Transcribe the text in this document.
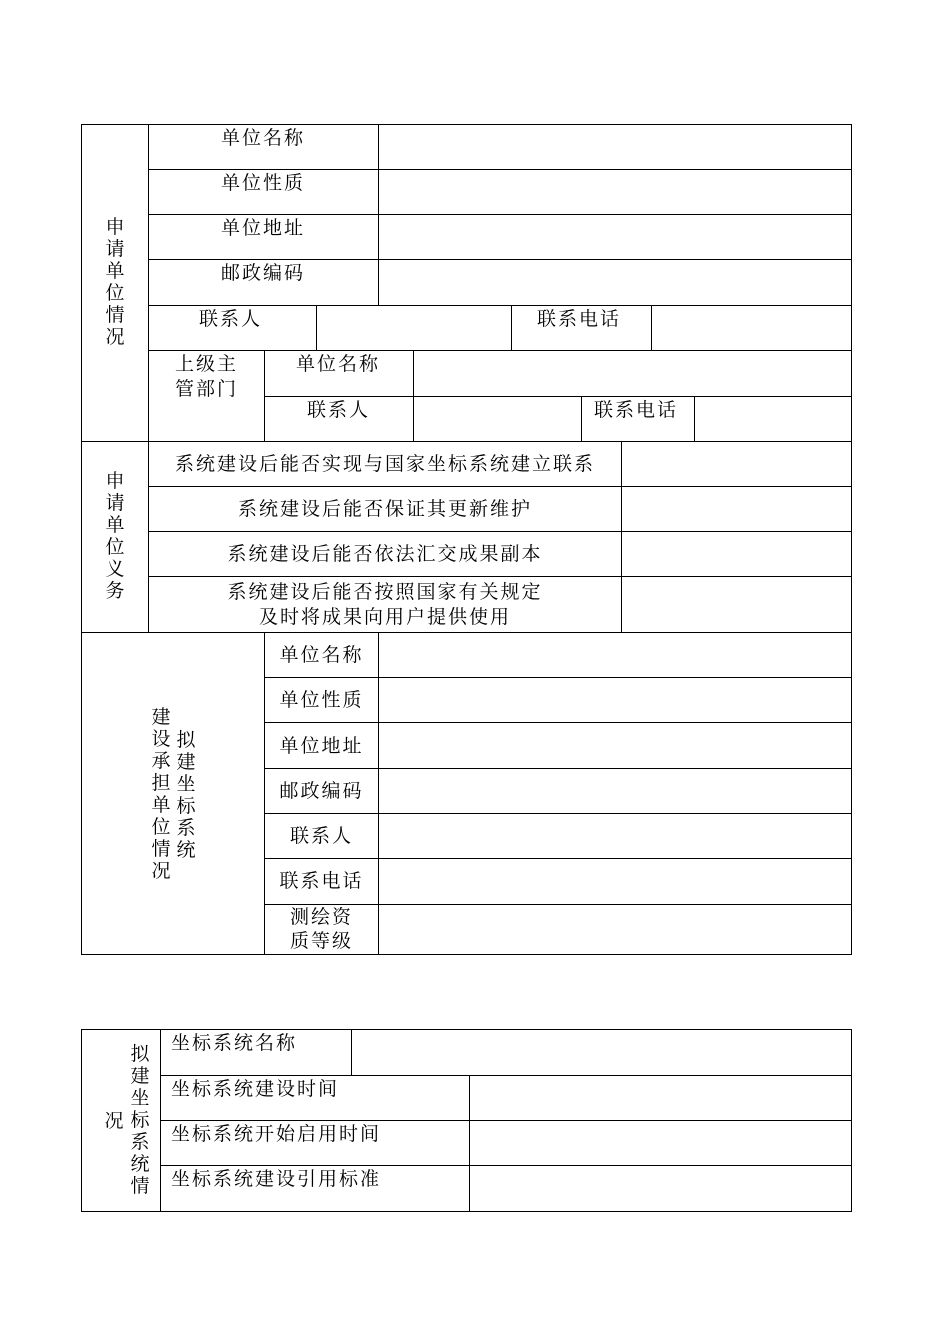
申请单位情况
单位名称
单位性质
单位地址
邮政编码
联系人	联系电话
上级主
管部门
单位名称
联系人	联系电话
申请单位义务
系统建设后能否实现与国家坐标系统建立联系
系统建设后能否保证其更新维护
系统建设后能否依法汇交成果副本
系统建设后能否按照国家有关规定
及时将成果向用户提供使用
建设承担单位情况
拟建坐标系统
单位名称
单位性质
单位地址
邮政编码
联系人
联系电话
测绘资
质等级
况
拟建坐标系统情
坐标系统名称
坐标系统建设时间
坐标系统开始启用时间
坐标系统建设引用标准
